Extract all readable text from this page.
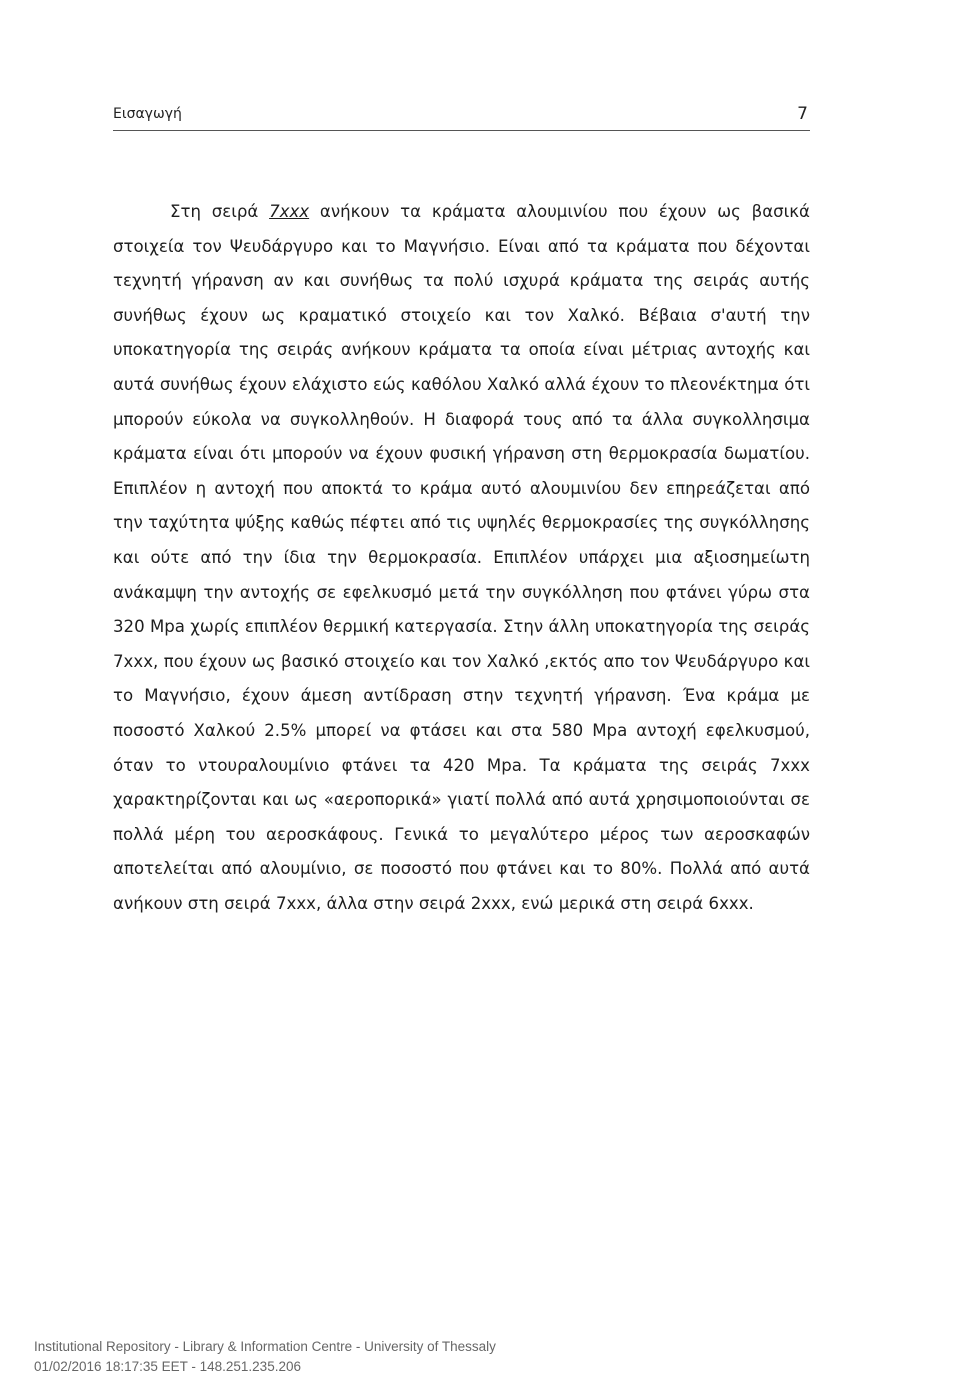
Εισαγωγή	7

Στη σειρά 7xxx ανήκουν τα κράματα αλουμινίου που έχουν ως βασικά στοιχεία τον Ψευδάργυρο και το Μαγνήσιο. Είναι από τα κράματα που δέχονται τεχνητή γήρανση αν και συνήθως τα πολύ ισχυρά κράματα της σειράς αυτής συνήθως έχουν ως κραματικό στοιχείο και τον Χαλκό. Βέβαια σ'αυτή την υποκατηγορία της σειράς ανήκουν κράματα τα οποία είναι μέτριας αντοχής και αυτά συνήθως έχουν ελάχιστο εώς καθόλου Χαλκό αλλά έχουν το πλεονέκτημα ότι μπορούν εύκολα να συγκολληθούν. Η διαφορά τους από τα άλλα συγκολλησιμα κράματα είναι ότι μπορούν να έχουν φυσική γήρανση στη θερμοκρασία δωματίου. Επιπλέον η αντοχή που αποκτά το κράμα αυτό αλουμινίου δεν επηρεάζεται από την ταχύτητα ψύξης καθώς πέφτει από τις υψηλές θερμοκρασίες της συγκόλλησης και ούτε από την ίδια την θερμοκρασία. Επιπλέον υπάρχει μια αξιοσημείωτη ανάκαμψη την αντοχής σε εφελκυσμό μετά την συγκόλληση που φτάνει γύρω στα 320 Mpa χωρίς επιπλέον θερμική κατεργασία. Στην άλλη υποκατηγορία της σειράς 7xxx, που έχουν ως βασικό στοιχείο και τον Χαλκό ,εκτός απο τον Ψευδάργυρο και το Μαγνήσιο, έχουν άμεση αντίδραση στην τεχνητή γήρανση. Ένα κράμα με ποσοστό Χαλκού 2.5% μπορεί να φτάσει και στα 580 Mpa αντοχή εφελκυσμού, όταν το ντουραλουμίνιο φτάνει τα 420 Mpa. Τα κράματα της σειράς 7xxx χαρακτηρίζονται και ως «αεροπορικά» γιατί πολλά από αυτά χρησιμοποιούνται σε πολλά μέρη του αεροσκάφους. Γενικά το μεγαλύτερο μέρος των αεροσκαφών αποτελείται από αλουμίνιο, σε ποσοστό που φτάνει και το 80%. Πολλά από αυτά ανήκουν στη σειρά 7xxx, άλλα στην σειρά 2xxx, ενώ μερικά στη σειρά 6xxx.

Institutional Repository - Library & Information Centre - University of Thessaly
01/02/2016 18:17:35 EET - 148.251.235.206
